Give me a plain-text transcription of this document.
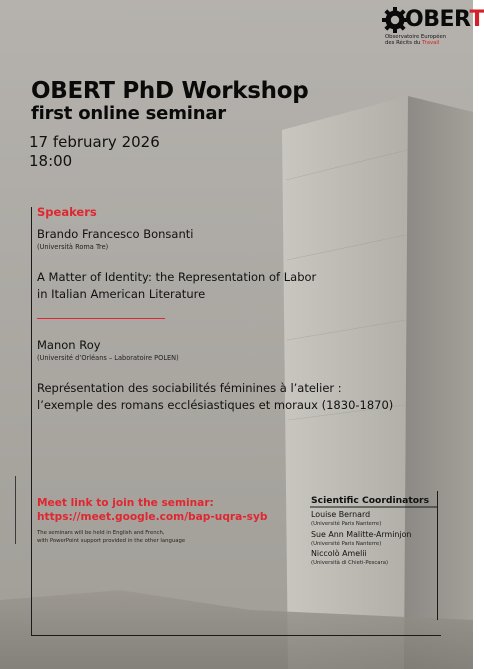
OBERT
Observatoire Européen
des Récits du Travail
OBERT PhD Workshop
first online seminar
17 february 2026
18:00
Speakers
Brando Francesco Bonsanti
(Università Roma Tre)
A Matter of Identity: the Representation of Labor
in Italian American Literature
Manon Roy
(Université d’Orléans – Laboratoire POLEN)
Représentation des sociabilités féminines à l’atelier :
l’exemple des romans ecclésiastiques et moraux (1830-1870)
Meet link to join the seminar:
https://meet.google.com/bap-uqra-syb
The seminars will be held in English and French,
with PowerPoint support provided in the other language
Scientific Coordinators
Louise Bernard
(Université Paris Nanterre)
Sue Ann Malitte-Arminjon
(Université Paris Nanterre)
Niccolò Amelii
(Università di Chieti-Pescara)
